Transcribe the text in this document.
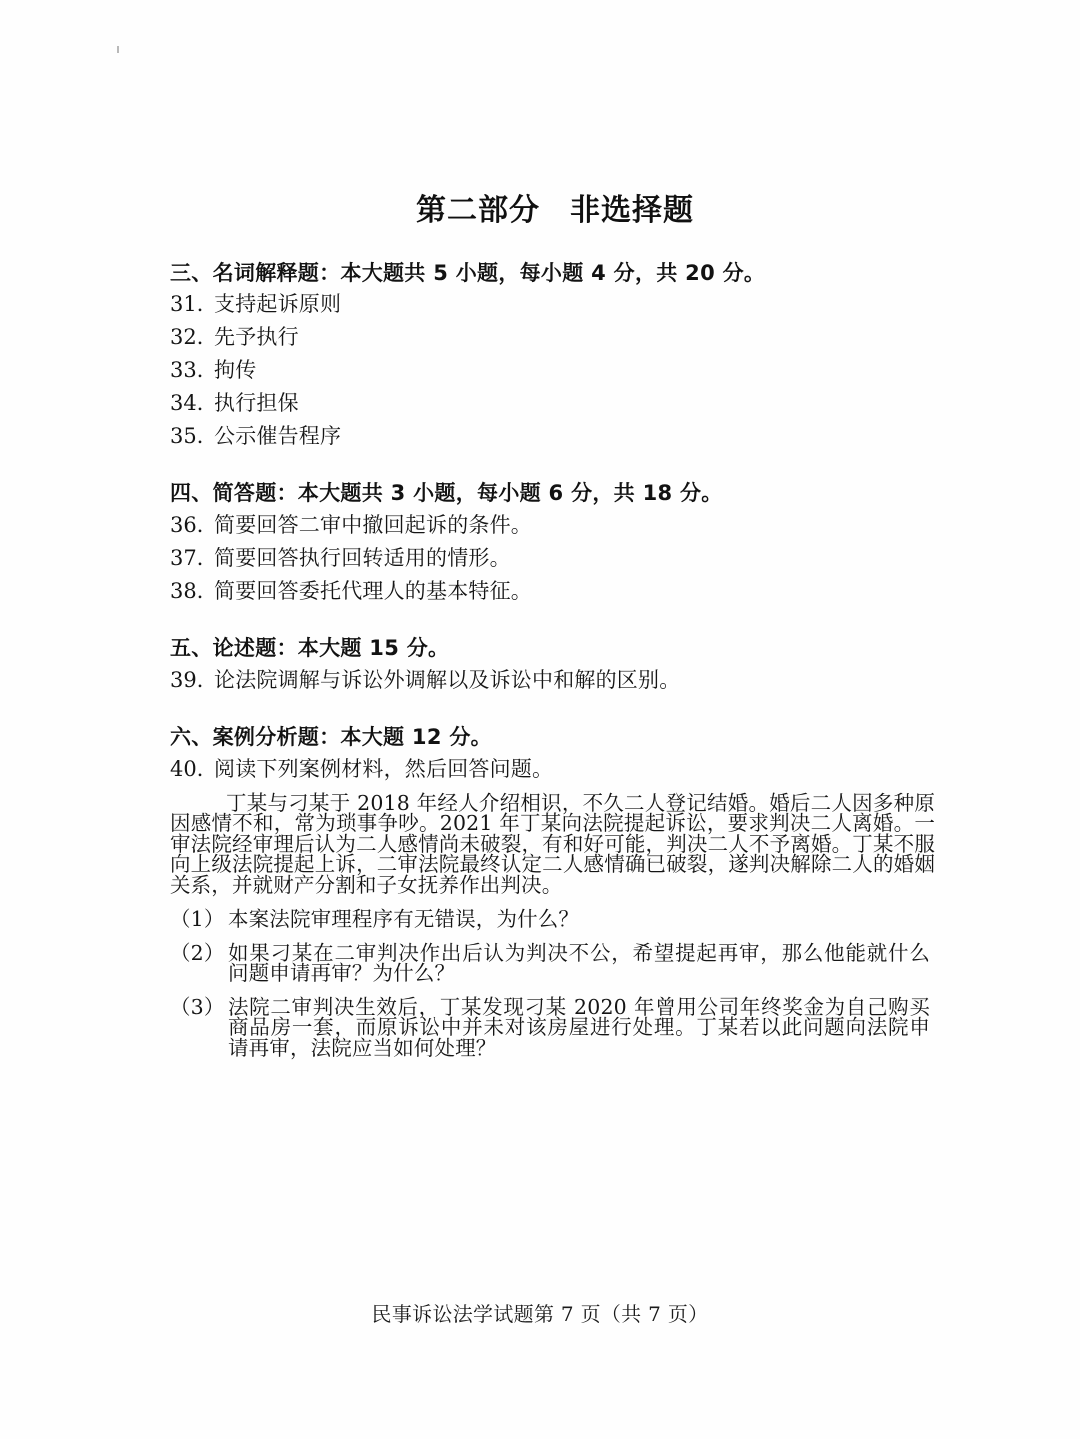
第二部分 非选择题
三、名词解释题：本大题共 5 小题，每小题 4 分，共 20 分。
31．
支持起诉原则
32．
先予执行
33．
拘传
34．
执行担保
35．
公示催告程序
四、简答题：本大题共 3 小题，每小题 6 分，共 18 分。
36．
简要回答二审中撤回起诉的条件。
37．
简要回答执行回转适用的情形。
38．
简要回答委托代理人的基本特征。
五、论述题：本大题 15 分。
39．
论法院调解与诉讼外调解以及诉讼中和解的区别。
六、案例分析题：本大题 12 分。
40．
阅读下列案例材料，然后回答问题。
丁某与刁某于 2018 年经人介绍相识，不久二人登记结婚。婚后二人因多种原因感情不和，常为琐事争吵。2021 年丁某向法院提起诉讼，要求判决二人离婚。一审法院经审理后认为二人感情尚未破裂，有和好可能，判决二人不予离婚。丁某不服向上级法院提起上诉，二审法院最终认定二人感情确已破裂，遂判决解除二人的婚姻关系，并就财产分割和子女抚养作出判决。
（1） 本案法院审理程序有无错误，为什么？
（2） 如果刁某在二审判决作出后认为判决不公，希望提起再审，那么他能就什么问题申请再审？为什么？
（3） 法院二审判决生效后，丁某发现刁某 2020 年曾用公司年终奖金为自己购买商品房一套，而原诉讼中并未对该房屋进行处理。丁某若以此问题向法院申请再审，法院应当如何处理？
民事诉讼法学试题第 7 页（共 7 页）
